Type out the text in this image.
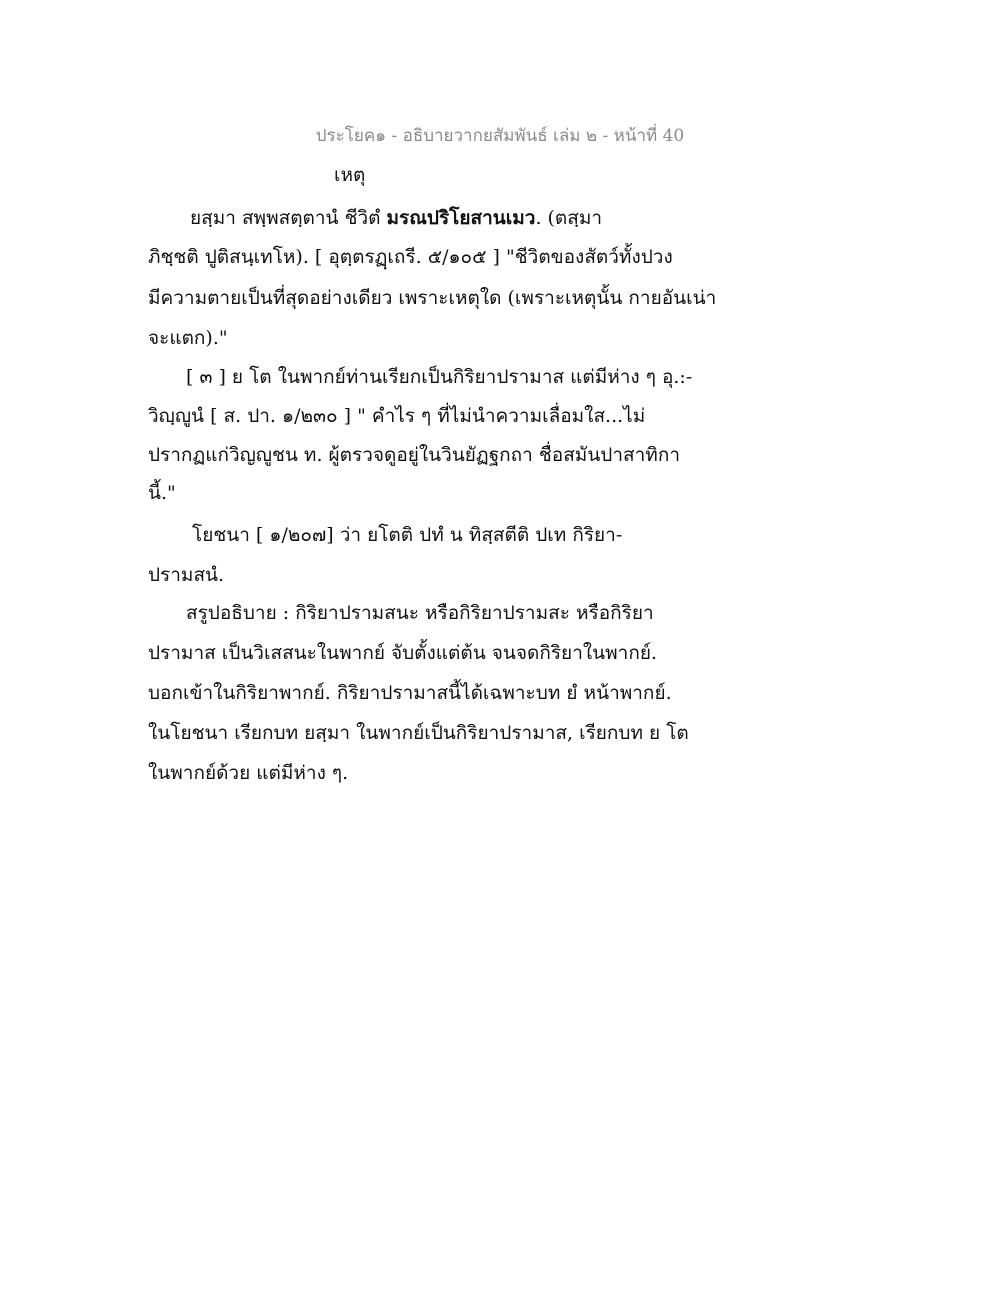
ประโยค๑ - อธิบายวากยสัมพันธ์ เล่ม ๒ - หน้าที่ 40
เหตุ
ยสฺมา สพฺพสตฺตานํ ชีวิตํ มรณปริโยสานเมว. (ตสฺมา
ภิชฺชติ ปูติสนฺเทโห). [ อุตฺตรฏฺเถรี. ๕/๑๐๕ ] "ชีวิตของสัตว์ทั้งปวง
มีความตายเป็นที่สุดอย่างเดียว เพราะเหตุใด (เพราะเหตุนั้น กายอันเน่า
จะแตก)."
[ ๓ ] ย โต ในพากย์ท่านเรียกเป็นกิริยาปรามาส แต่มีห่าง ๆ อุ.:-
วิญฺญูนํ [ ส. ปา. ๑/๒๓๐ ] " คำไร ๆ ที่ไม่นำความเลื่อมใส...ไม่
ปรากฏแก่วิญญูชน ท. ผู้ตรวจดูอยู่ในวินยัฏฐกถา ชื่อสมันปาสาทิกา
นี้."
โยชนา [ ๑/๒๐๗] ว่า ยโตติ ปทํ น ทิสฺสตีติ ปเท กิริยา-
ปรามสนํ.
สรูปอธิบาย : กิริยาปรามสนะ หรือกิริยาปรามสะ หรือกิริยา
ปรามาส เป็นวิเสสนะในพากย์ จับตั้งแต่ต้น จนจดกิริยาในพากย์.
บอกเข้าในกิริยาพากย์. กิริยาปรามาสนี้ได้เฉพาะบท ยํ หน้าพากย์.
ในโยชนา เรียกบท ยสฺมา ในพากย์เป็นกิริยาปรามาส, เรียกบท ย โต
ในพากย์ด้วย แต่มีห่าง ๆ.
